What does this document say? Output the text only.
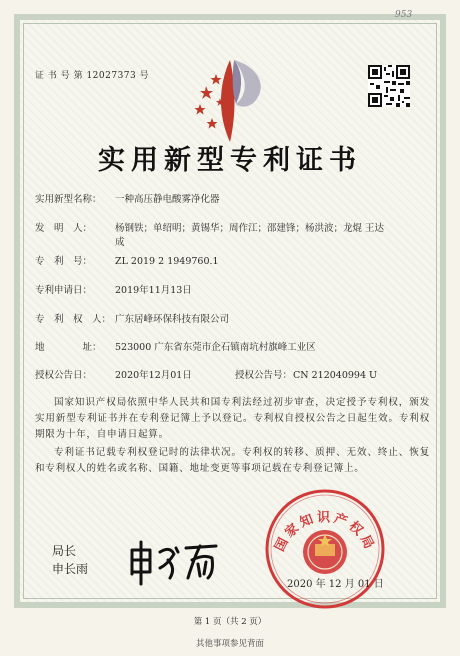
953
证 书 号 第 12027373 号
实用新型专利证书
实用新型名称： 一种高压静电酸雾净化器
发　明　人： 杨钢铁；单绍明；黄锡华；周作江；邵建锋；杨洪波；龙焜 王达成
专　利　号： ZL 2019 2 1949760.1
专利申请日： 2019年11月13日
专　利　权　人： 广东居峰环保科技有限公司
地　　　　址： 523000 广东省东莞市企石镇南坑村旗峰工业区
授权公告日： 2020年12月01日	授权公告号： CN 212040994 U
国家知识产权局依照中华人民共和国专利法经过初步审查，决定授予专利权，颁发实用新型专利证书并在专利登记簿上予以登记。专利权自授权公告之日起生效。专利权期限为十年，自申请日起算。
专利证书记载专利权登记时的法律状况。专利权的转移、质押、无效、终止、恢复和专利权人的姓名或名称、国籍、地址变更等事项记载在专利登记簿上。
局长
申长雨
国家知识产权局
2020 年 12 月 01 日
第 1 页（共 2 页）
其他事项参见背面
